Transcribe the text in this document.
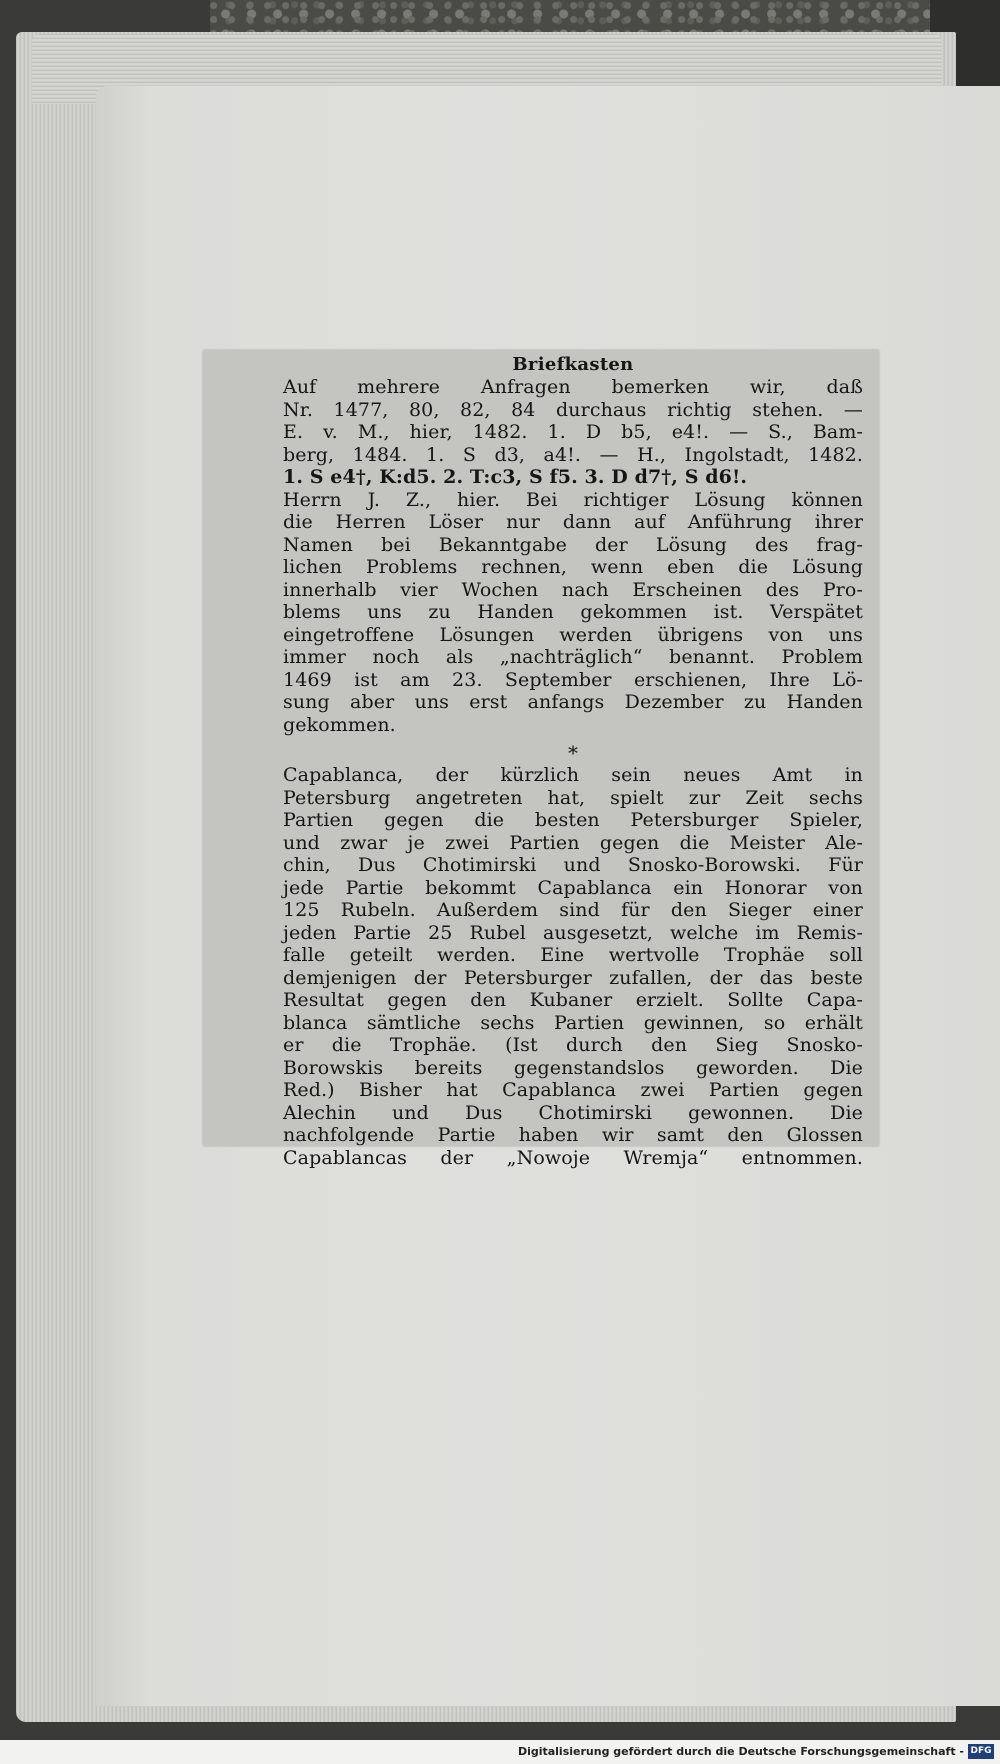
Briefkasten
Auf mehrere Anfragen bemerken wir, daß
Nr. 1477, 80, 82, 84 durchaus richtig stehen. —
E. v. M., hier, 1482. 1. D b5, e4!. — S., Bam-
berg, 1484. 1. S d3, a4!. — H., Ingolstadt, 1482.
1. S e4†, K:d5. 2. T:c3, S f5. 3. D d7†, S d6!.
Herrn J. Z., hier. Bei richtiger Lösung können
die Herren Löser nur dann auf Anführung ihrer
Namen bei Bekanntgabe der Lösung des frag-
lichen Problems rechnen, wenn eben die Lösung
innerhalb vier Wochen nach Erscheinen des Pro-
blems uns zu Handen gekommen ist. Verspätet
eingetroffene Lösungen werden übrigens von uns
immer noch als „nachträglich“ benannt. Problem
1469 ist am 23. September erschienen, Ihre Lö-
sung aber uns erst anfangs Dezember zu Handen
gekommen.
*
Capablanca, der kürzlich sein neues Amt in
Petersburg angetreten hat, spielt zur Zeit sechs
Partien gegen die besten Petersburger Spieler,
und zwar je zwei Partien gegen die Meister Ale-
chin, Dus Chotimirski und Snosko-Borowski. Für
jede Partie bekommt Capablanca ein Honorar von
125 Rubeln. Außerdem sind für den Sieger einer
jeden Partie 25 Rubel ausgesetzt, welche im Remis-
falle geteilt werden. Eine wertvolle Trophäe soll
demjenigen der Petersburger zufallen, der das beste
Resultat gegen den Kubaner erzielt. Sollte Capa-
blanca sämtliche sechs Partien gewinnen, so erhält
er die Trophäe. (Ist durch den Sieg Snosko-
Borowskis bereits gegenstandslos geworden. Die
Red.) Bisher hat Capablanca zwei Partien gegen
Alechin und Dus Chotimirski gewonnen. Die
nachfolgende Partie haben wir samt den Glossen
Capablancas der „Nowoje Wremja“ entnommen.
Digitalisierung gefördert durch die Deutsche Forschungsgemeinschaft - DFG
